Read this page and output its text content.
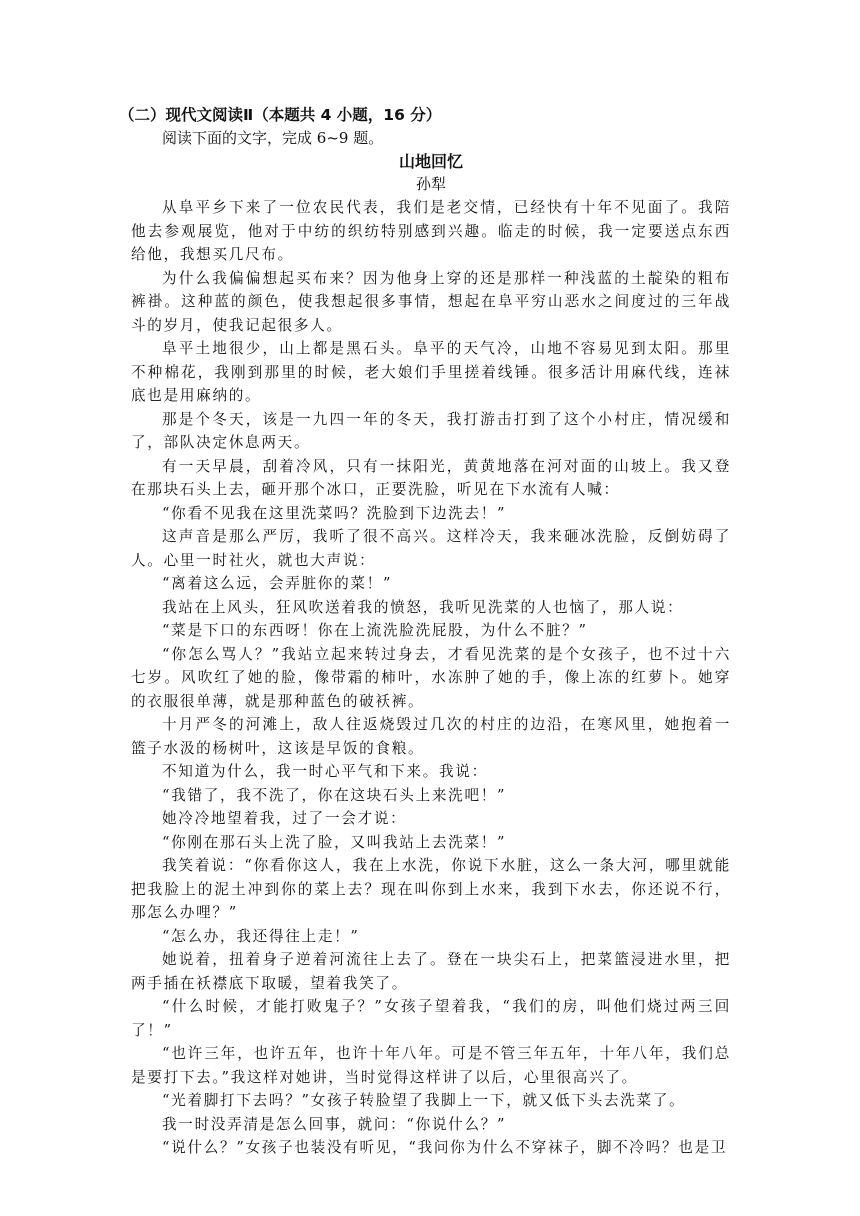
（二）现代文阅读Ⅱ（本题共 4 小题，16 分）
阅读下面的文字，完成 6~9 题。
山地回忆
孙犁

从阜平乡下来了一位农民代表，我们是老交情，已经快有十年不见面了。我陪他去参观展览，他对于中纺的织纺特别感到兴趣。临走的时候，我一定要送点东西给他，我想买几尺布。

为什么我偏偏想起买布来？因为他身上穿的还是那样一种浅蓝的土靛染的粗布裤褂。这种蓝的颜色，使我想起很多事情，想起在阜平穷山恶水之间度过的三年战斗的岁月，使我记起很多人。

阜平土地很少，山上都是黑石头。阜平的天气冷，山地不容易见到太阳。那里不种棉花，我刚到那里的时候，老大娘们手里搓着线锤。很多活计用麻代线，连袜底也是用麻纳的。

那是个冬天，该是一九四一年的冬天，我打游击打到了这个小村庄，情况缓和了，部队决定休息两天。

有一天早晨，刮着冷风，只有一抹阳光，黄黄地落在河对面的山坡上。我又登在那块石头上去，砸开那个冰口，正要洗脸，听见在下水流有人喊：

“你看不见我在这里洗菜吗？洗脸到下边洗去！”

这声音是那么严厉，我听了很不高兴。这样冷天，我来砸冰洗脸，反倒妨碍了人。心里一时社火，就也大声说：

“离着这么远，会弄脏你的菜！”

我站在上风头，狂风吹送着我的愤怒，我听见洗菜的人也恼了，那人说：

“菜是下口的东西呀！你在上流洗脸洗屁股，为什么不脏？”

“你怎么骂人？”我站立起来转过身去，才看见洗菜的是个女孩子，也不过十六七岁。风吹红了她的脸，像带霜的柿叶，水冻肿了她的手，像上冻的红萝卜。她穿的衣服很单薄，就是那种蓝色的破袄裤。

十月严冬的河滩上，敌人往返烧毁过几次的村庄的边沿，在寒风里，她抱着一篮子水汲的杨树叶，这该是早饭的食粮。

不知道为什么，我一时心平气和下来。我说：

“我错了，我不洗了，你在这块石头上来洗吧！”

她冷冷地望着我，过了一会才说：

“你刚在那石头上洗了脸，又叫我站上去洗菜！”

我笑着说：“你看你这人，我在上水洗，你说下水脏，这么一条大河，哪里就能把我脸上的泥土冲到你的菜上去？现在叫你到上水来，我到下水去，你还说不行，那怎么办哩？”

“怎么办，我还得往上走！”

她说着，扭着身子逆着河流往上去了。登在一块尖石上，把菜篮浸进水里，把两手插在袄襟底下取暖，望着我笑了。

“什么时候，才能打败鬼子？”女孩子望着我，“我们的房，叫他们烧过两三回了！”

“也许三年，也许五年，也许十年八年。可是不管三年五年，十年八年，我们总是要打下去。”我这样对她讲，当时觉得这样讲了以后，心里很高兴了。

“光着脚打下去吗？”女孩子转脸望了我脚上一下，就又低下头去洗菜了。

我一时没弄清是怎么回事，就问：“你说什么？”

“说什么？”女孩子也装没有听见，“我问你为什么不穿袜子，脚不冷吗？也是卫
